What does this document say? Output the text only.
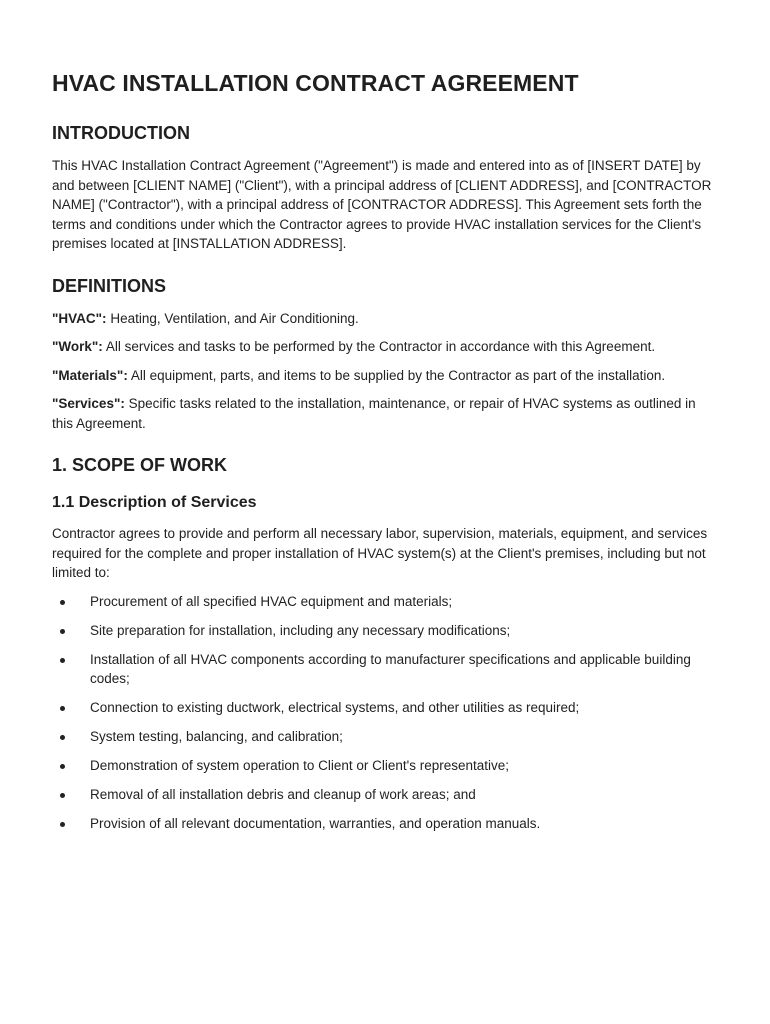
HVAC INSTALLATION CONTRACT AGREEMENT
INTRODUCTION

This HVAC Installation Contract Agreement ("Agreement") is made and entered into as of [INSERT DATE] by and between [CLIENT NAME] ("Client"), with a principal address of [CLIENT ADDRESS], and [CONTRACTOR NAME] ("Contractor"), with a principal address of [CONTRACTOR ADDRESS]. This Agreement sets forth the terms and conditions under which the Contractor agrees to provide HVAC installation services for the Client's premises located at [INSTALLATION ADDRESS].

DEFINITIONS

"HVAC": Heating, Ventilation, and Air Conditioning.

"Work": All services and tasks to be performed by the Contractor in accordance with this Agreement.

"Materials": All equipment, parts, and items to be supplied by the Contractor as part of the installation.

"Services": Specific tasks related to the installation, maintenance, or repair of HVAC systems as outlined in this Agreement.

1. SCOPE OF WORK
1.1 Description of Services

Contractor agrees to provide and perform all necessary labor, supervision, materials, equipment, and services required for the complete and proper installation of HVAC system(s) at the Client's premises, including but not limited to:

Procurement of all specified HVAC equipment and materials;
Site preparation for installation, including any necessary modifications;
Installation of all HVAC components according to manufacturer specifications and applicable building codes;
Connection to existing ductwork, electrical systems, and other utilities as required;
System testing, balancing, and calibration;
Demonstration of system operation to Client or Client's representative;
Removal of all installation debris and cleanup of work areas; and
Provision of all relevant documentation, warranties, and operation manuals.
